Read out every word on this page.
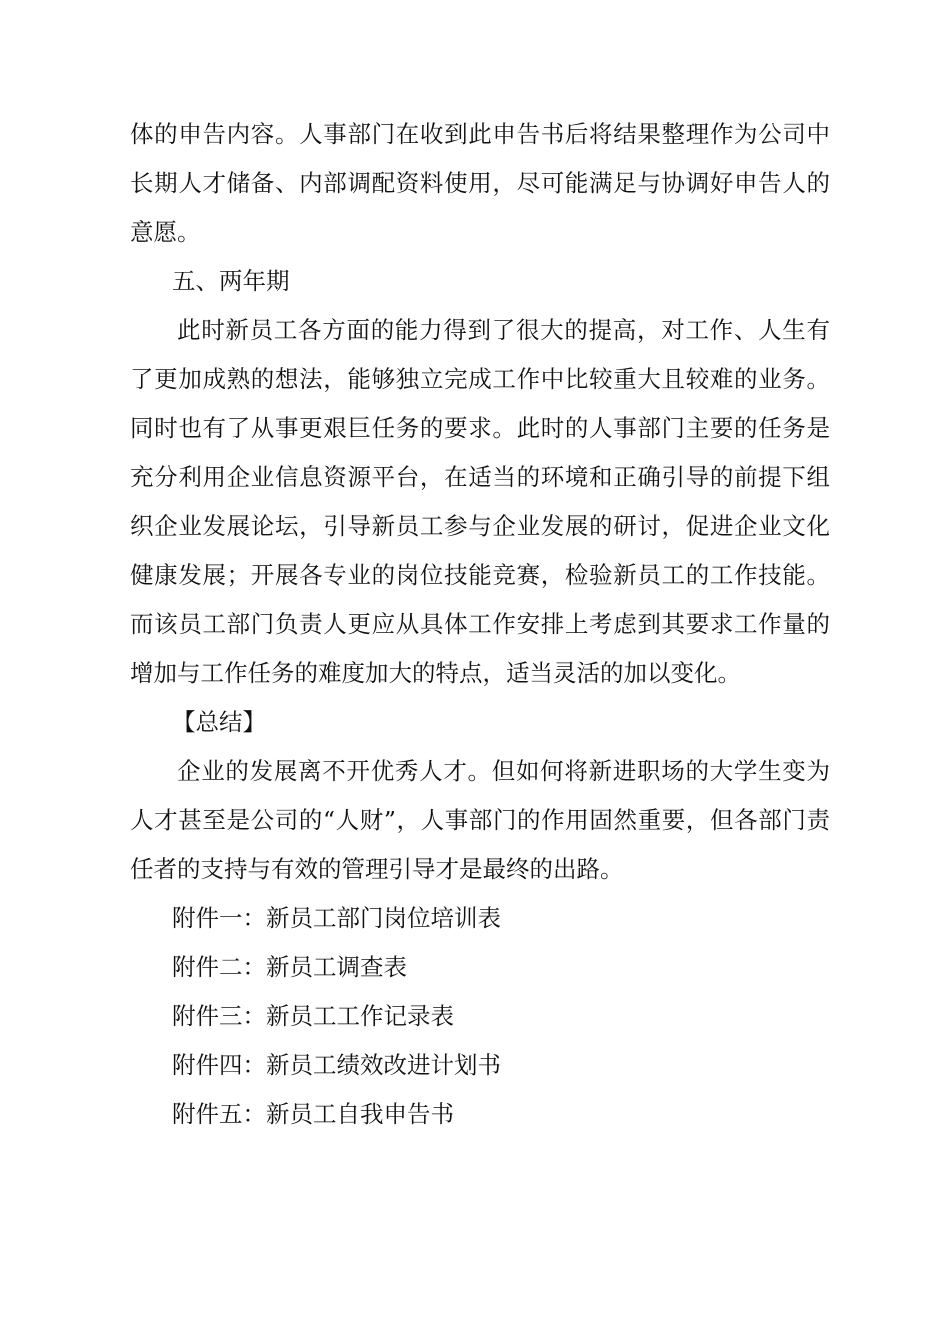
体的申告内容。人事部门在收到此申告书后将结果整理作为公司中长期人才储备、内部调配资料使用，尽可能满足与协调好申告人的意愿。

五、两年期

此时新员工各方面的能力得到了很大的提高，对工作、人生有了更加成熟的想法，能够独立完成工作中比较重大且较难的业务。同时也有了从事更艰巨任务的要求。此时的人事部门主要的任务是充分利用企业信息资源平台，在适当的环境和正确引导的前提下组织企业发展论坛，引导新员工参与企业发展的研讨，促进企业文化健康发展；开展各专业的岗位技能竞赛，检验新员工的工作技能。而该员工部门负责人更应从具体工作安排上考虑到其要求工作量的增加与工作任务的难度加大的特点，适当灵活的加以变化。

【总结】

企业的发展离不开优秀人才。但如何将新进职场的大学生变为人才甚至是公司的“人财”，人事部门的作用固然重要，但各部门责任者的支持与有效的管理引导才是最终的出路。

附件一：新员工部门岗位培训表

附件二：新员工调查表

附件三：新员工工作记录表

附件四：新员工绩效改进计划书

附件五：新员工自我申告书
